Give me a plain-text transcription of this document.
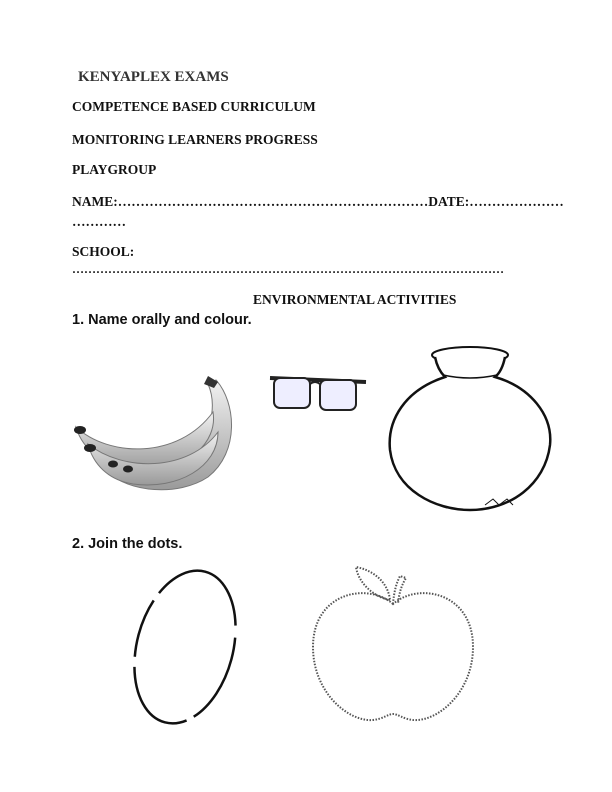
KENYAPLEX EXAMS
COMPETENCE BASED CURRICULUM
MONITORING LEARNERS PROGRESS
PLAYGROUP
NAME:……………………………………………………………DATE:…………………
…………
SCHOOL:
………………………………………………………………………………………………
ENVIRONMENTAL ACTIVITIES
1. Name orally and colour.
2. Join the dots.
